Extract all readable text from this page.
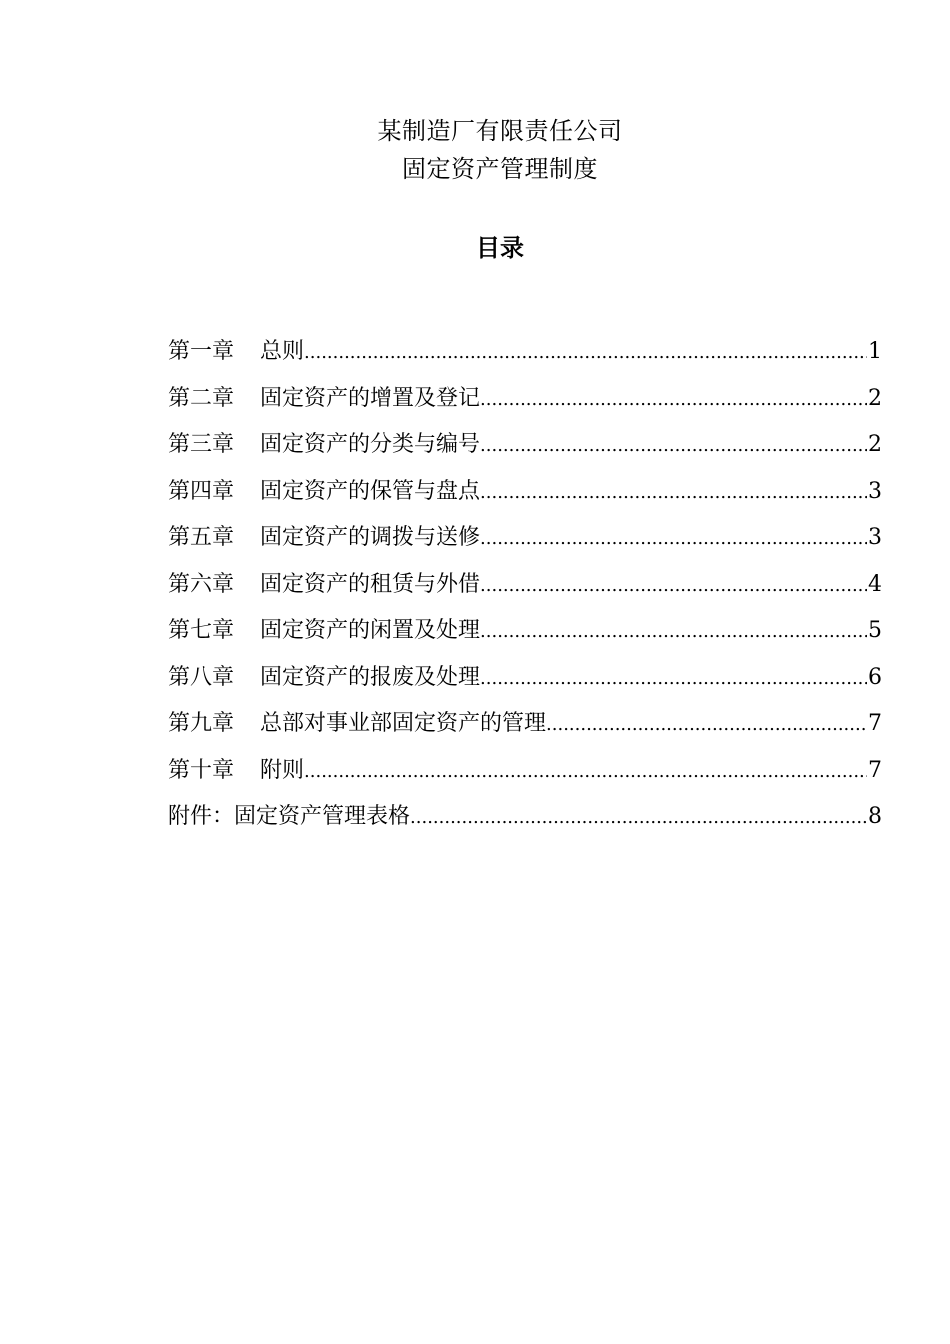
某制造厂有限责任公司
固定资产管理制度
目录
第一章 总则 .....	1
第二章 固定资产的增置及登记 .....	2
第三章 固定资产的分类与编号 .....	2
第四章 固定资产的保管与盘点 .....	3
第五章 固定资产的调拨与送修 .....	3
第六章 固定资产的租赁与外借 .....	4
第七章 固定资产的闲置及处理 .....	5
第八章 固定资产的报废及处理 .....	6
第九章 总部对事业部固定资产的管理 .....	7
第十章 附则 .....	7
附件： 固定资产管理表格 .....	8
